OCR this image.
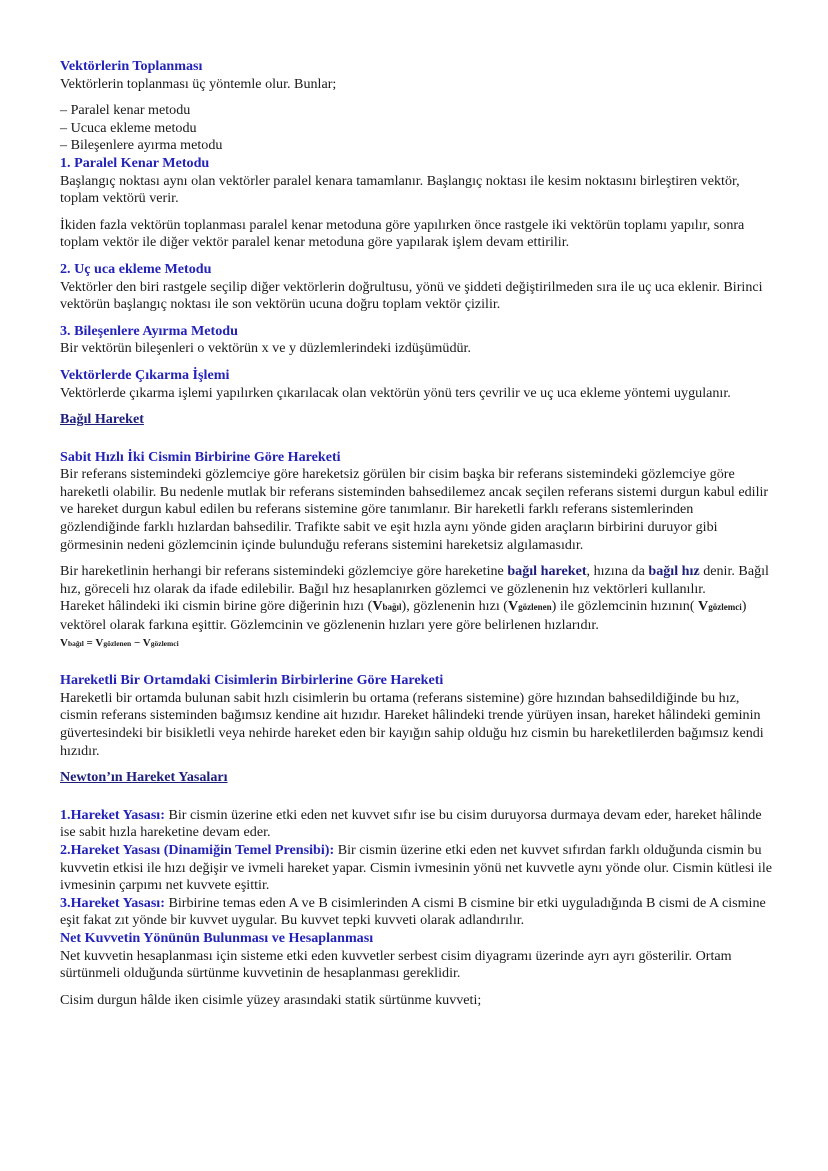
Vektörlerin Toplanması

Vektörlerin toplanması üç yöntemle olur. Bunlar;

– Paralel kenar metodu

– Ucuca ekleme metodu

– Bileşenlere ayırma metodu

1. Paralel Kenar Metodu

Başlangıç noktası aynı olan vektörler paralel kenara tamamlanır. Başlangıç noktası ile kesim noktasını birleştiren vektör, toplam vektörü verir.

İkiden fazla vektörün toplanması paralel kenar metoduna göre yapılırken önce rastgele iki vektörün toplamı yapılır, sonra toplam vektör ile diğer vektör paralel kenar metoduna göre yapılarak işlem devam ettirilir.

2. Uç uca ekleme Metodu

Vektörler den biri rastgele seçilip diğer vektörlerin doğrultusu, yönü ve şiddeti değiştirilmeden sıra ile uç uca eklenir. Birinci vektörün başlangıç noktası ile son vektörün ucuna doğru toplam vektör çizilir.

3. Bileşenlere Ayırma Metodu

Bir vektörün bileşenleri o vektörün x ve y düzlemlerindeki izdüşümüdür.

Vektörlerde Çıkarma İşlemi

Vektörlerde çıkarma işlemi yapılırken çıkarılacak olan vektörün yönü ters çevrilir ve uç uca ekleme yöntemi uygulanır.

Bağıl Hareket

Sabit Hızlı İki Cismin Birbirine Göre Hareketi

Bir referans sistemindeki gözlemciye göre hareketsiz görülen bir cisim başka bir referans sistemindeki gözlemciye göre hareketli olabilir. Bu nedenle mutlak bir referans sisteminden bahsedilemez ancak seçilen referans sistemi durgun kabul edilir ve hareket durgun kabul edilen bu referans sistemine göre tanımlanır. Bir hareketli farklı referans sistemlerinden gözlendiğinde farklı hızlardan bahsedilir. Trafikte sabit ve eşit hızla aynı yönde giden araçların birbirini duruyor gibi görmesinin nedeni gözlemcinin içinde bulunduğu referans sistemini hareketsiz algılamasıdır.

Bir hareketlinin herhangi bir referans sistemindeki gözlemciye göre hareketine bağıl hareket, hızına da bağıl hız denir. Bağıl hız, göreceli hız olarak da ifade edilebilir. Bağıl hız hesaplanırken gözlemci ve gözlenenin hız vektörleri kullanılır.

Hareket hâlindeki iki cismin birine göre diğerinin hızı (Vbağıl), gözlenenin hızı (Vgözlenen) ile gözlemcinin hızının( Vgözlemci) vektörel olarak farkına eşittir. Gözlemcinin ve gözlenenin hızları yere göre belirlenen hızlarıdır.

Vbağıl = Vgözlenen − Vgözlemci

Hareketli Bir Ortamdaki Cisimlerin Birbirlerine Göre Hareketi

Hareketli bir ortamda bulunan sabit hızlı cisimlerin bu ortama (referans sistemine) göre hızından bahsedildiğinde bu hız, cismin referans sisteminden bağımsız kendine ait hızıdır. Hareket hâlindeki trende yürüyen insan, hareket hâlindeki geminin güvertesindeki bir bisikletli veya nehirde hareket eden bir kayığın sahip olduğu hız cismin bu hareketlilerden bağımsız kendi hızıdır.

Newton’ın Hareket Yasaları

1.Hareket Yasası: Bir cismin üzerine etki eden net kuvvet sıfır ise bu cisim duruyorsa durmaya devam eder, hareket hâlinde ise sabit hızla hareketine devam eder.

2.Hareket Yasası (Dinamiğin Temel Prensibi): Bir cismin üzerine etki eden net kuvvet sıfırdan farklı olduğunda cismin bu kuvvetin etkisi ile hızı değişir ve ivmeli hareket yapar. Cismin ivmesinin yönü net kuvvetle aynı yönde olur. Cismin kütlesi ile

ivmesinin çarpımı net kuvvete eşittir.

3.Hareket Yasası: Birbirine temas eden A ve B cisimlerinden A cismi B cismine bir etki uyguladığında B cismi de A cismine eşit fakat zıt yönde bir kuvvet uygular. Bu kuvvet tepki kuvveti olarak adlandırılır.

Net Kuvvetin Yönünün Bulunması ve Hesaplanması

Net kuvvetin hesaplanması için sisteme etki eden kuvvetler serbest cisim diyagramı üzerinde ayrı ayrı gösterilir. Ortam sürtünmeli olduğunda sürtünme kuvvetinin de hesaplanması gereklidir.

Cisim durgun hâlde iken cisimle yüzey arasındaki statik sürtünme kuvveti;
